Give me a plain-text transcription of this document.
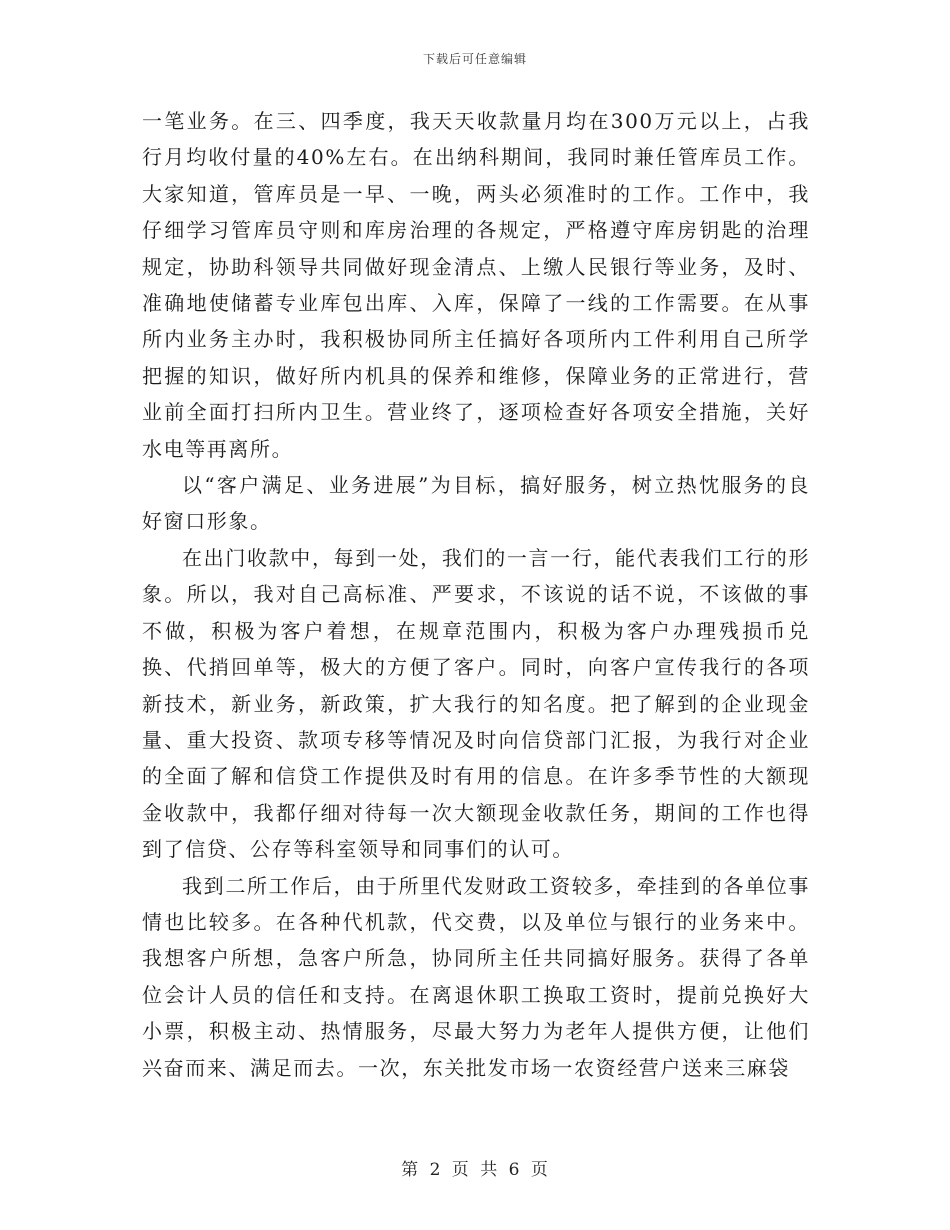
下载后可任意编辑

一笔业务。在三、四季度，我天天收款量月均在300万元以上，占我行月均收付量的40%左右。在出纳科期间，我同时兼任管库员工作。大家知道，管库员是一早、一晚，两头必须准时的工作。工作中，我仔细学习管库员守则和库房治理的各规定，严格遵守库房钥匙的治理规定，协助科领导共同做好现金清点、上缴人民银行等业务，及时、准确地使储蓄专业库包出库、入库，保障了一线的工作需要。在从事所内业务主办时，我积极协同所主任搞好各项所内工件利用自己所学把握的知识，做好所内机具的保养和维修，保障业务的正常进行，营业前全面打扫所内卫生。营业终了，逐项检查好各项安全措施，关好水电等再离所。

以“客户满足、业务进展”为目标，搞好服务，树立热忱服务的良好窗口形象。

在出门收款中，每到一处，我们的一言一行，能代表我们工行的形象。所以，我对自己高标准、严要求，不该说的话不说，不该做的事不做，积极为客户着想，在规章范围内，积极为客户办理残损币兑换、代捎回单等，极大的方便了客户。同时，向客户宣传我行的各项新技术，新业务，新政策，扩大我行的知名度。把了解到的企业现金量、重大投资、款项专移等情况及时向信贷部门汇报，为我行对企业的全面了解和信贷工作提供及时有用的信息。在许多季节性的大额现金收款中，我都仔细对待每一次大额现金收款任务，期间的工作也得到了信贷、公存等科室领导和同事们的认可。

我到二所工作后，由于所里代发财政工资较多，牵挂到的各单位事情也比较多。在各种代机款，代交费，以及单位与银行的业务来中。我想客户所想，急客户所急，协同所主任共同搞好服务。获得了各单位会计人员的信任和支持。在离退休职工换取工资时，提前兑换好大小票，积极主动、热情服务，尽最大努力为老年人提供方便，让他们兴奋而来、满足而去。一次，东关批发市场一农资经营户送来三麻袋

第 2 页 共 6 页
